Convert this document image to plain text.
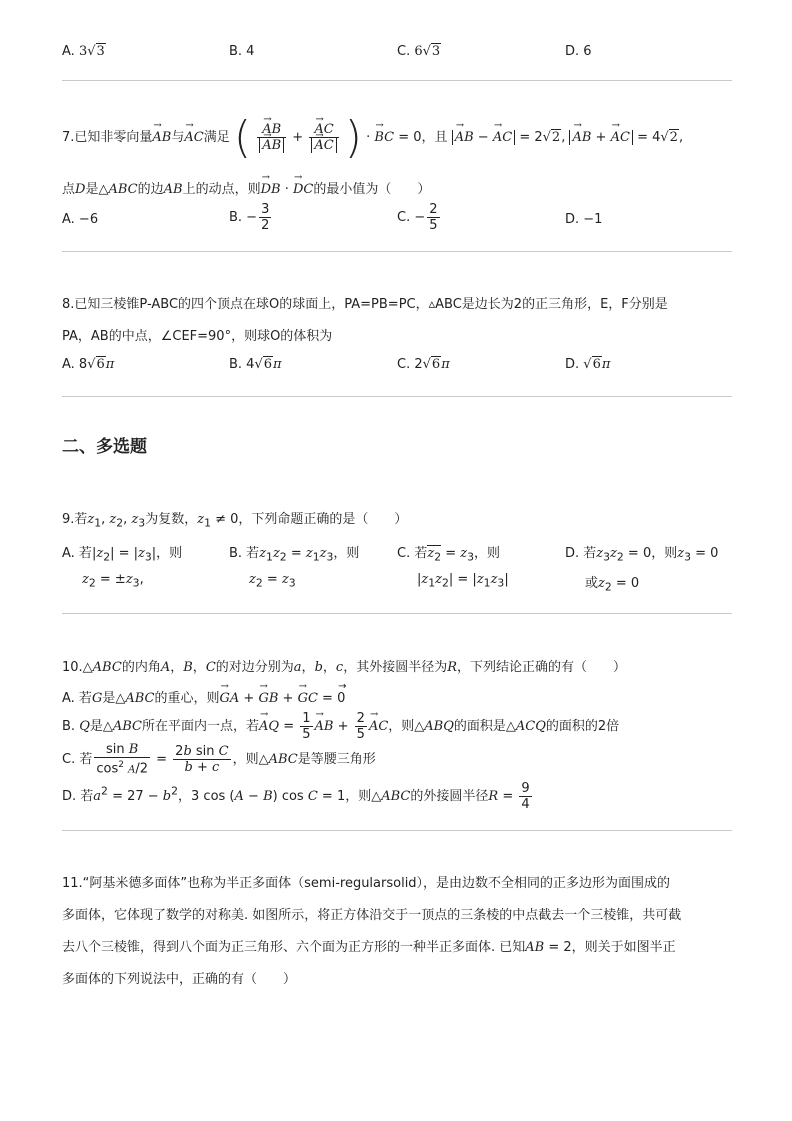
A. 3√3	B. 4	C. 6√3	D. 6
7.已知非零向量→ AB与→ AC满足 ( → AB
→ AB + → AC
→ AC ) · → BC = 0，且 → AB − → AC = 2√2, → AB + → AC = 4√2,
点D是△ABC的边AB上的动点，则→ DB · → DC的最小值为（　　）
A. −6	B. − $\frac{3}{2}$	C. − $\frac{2}{5}$	D. −1
8.已知三棱锥P-ABC的四个顶点在球O的球面上，PA=PB=PC，▵ABC是边长为2的正三角形，E，F分别是
PA，AB的中点，∠CEF=90°，则球O的体积为
A. 8√6π	B. 4√6π	C. 2√6π	D. √6π
二、多选题
9.若$z_1$, $z_2$, $z_3$为复数，$z_1 \ne 0$，下列命题正确的是（　　）
A. 若$|z_2| = |z_3|$，则
$z_2 = \pm z_3$,
B. 若$z_1z_2 = z_1z_3$，则
$z_2 = z_3$
C. 若$z_2 = z_3$，则
$|z_1z_2| = |z_1z_3|$
D. 若$z_3z_2 = 0$，则$z_3 = 0$
或$z_2 = 0$
10.△ABC的内角A，B，C的对边分别为a，b，c，其外接圆半径为R，下列结论正确的有（　　）
A. 若G是△ABC的重心，则→ GA + → GB + → GC = → 0
B. Q是△ABC所在平面内一点，若→ AQ = $\frac{1}{5}$ → AB + $\frac{2}{5}$ → AC，则△ABQ的面积是△ACQ的面积的2倍
C. 若 $\frac{\text{sin B}}{\cos^2 A/2} = \frac{\text{2b sin C}}{b + c}$ ，则△ABC是等腰三角形
D. 若$a^2 = 27 - b^2$，3 cos (A − B) cos C = 1，则△ABC的外接圆半径$R = \frac{9}{4}$
11.“阿基米德多面体”也称为半正多面体（semi-regularsolid），是由边数不全相同的正多边形为面围成的
多面体，它体现了数学的对称美. 如图所示，将正方体沿交于一顶点的三条棱的中点截去一个三棱锥，共可截
去八个三棱锥，得到八个面为正三角形、六个面为正方形的一种半正多面体. 已知AB = 2，则关于如图半正
多面体的下列说法中，正确的有（　　）
